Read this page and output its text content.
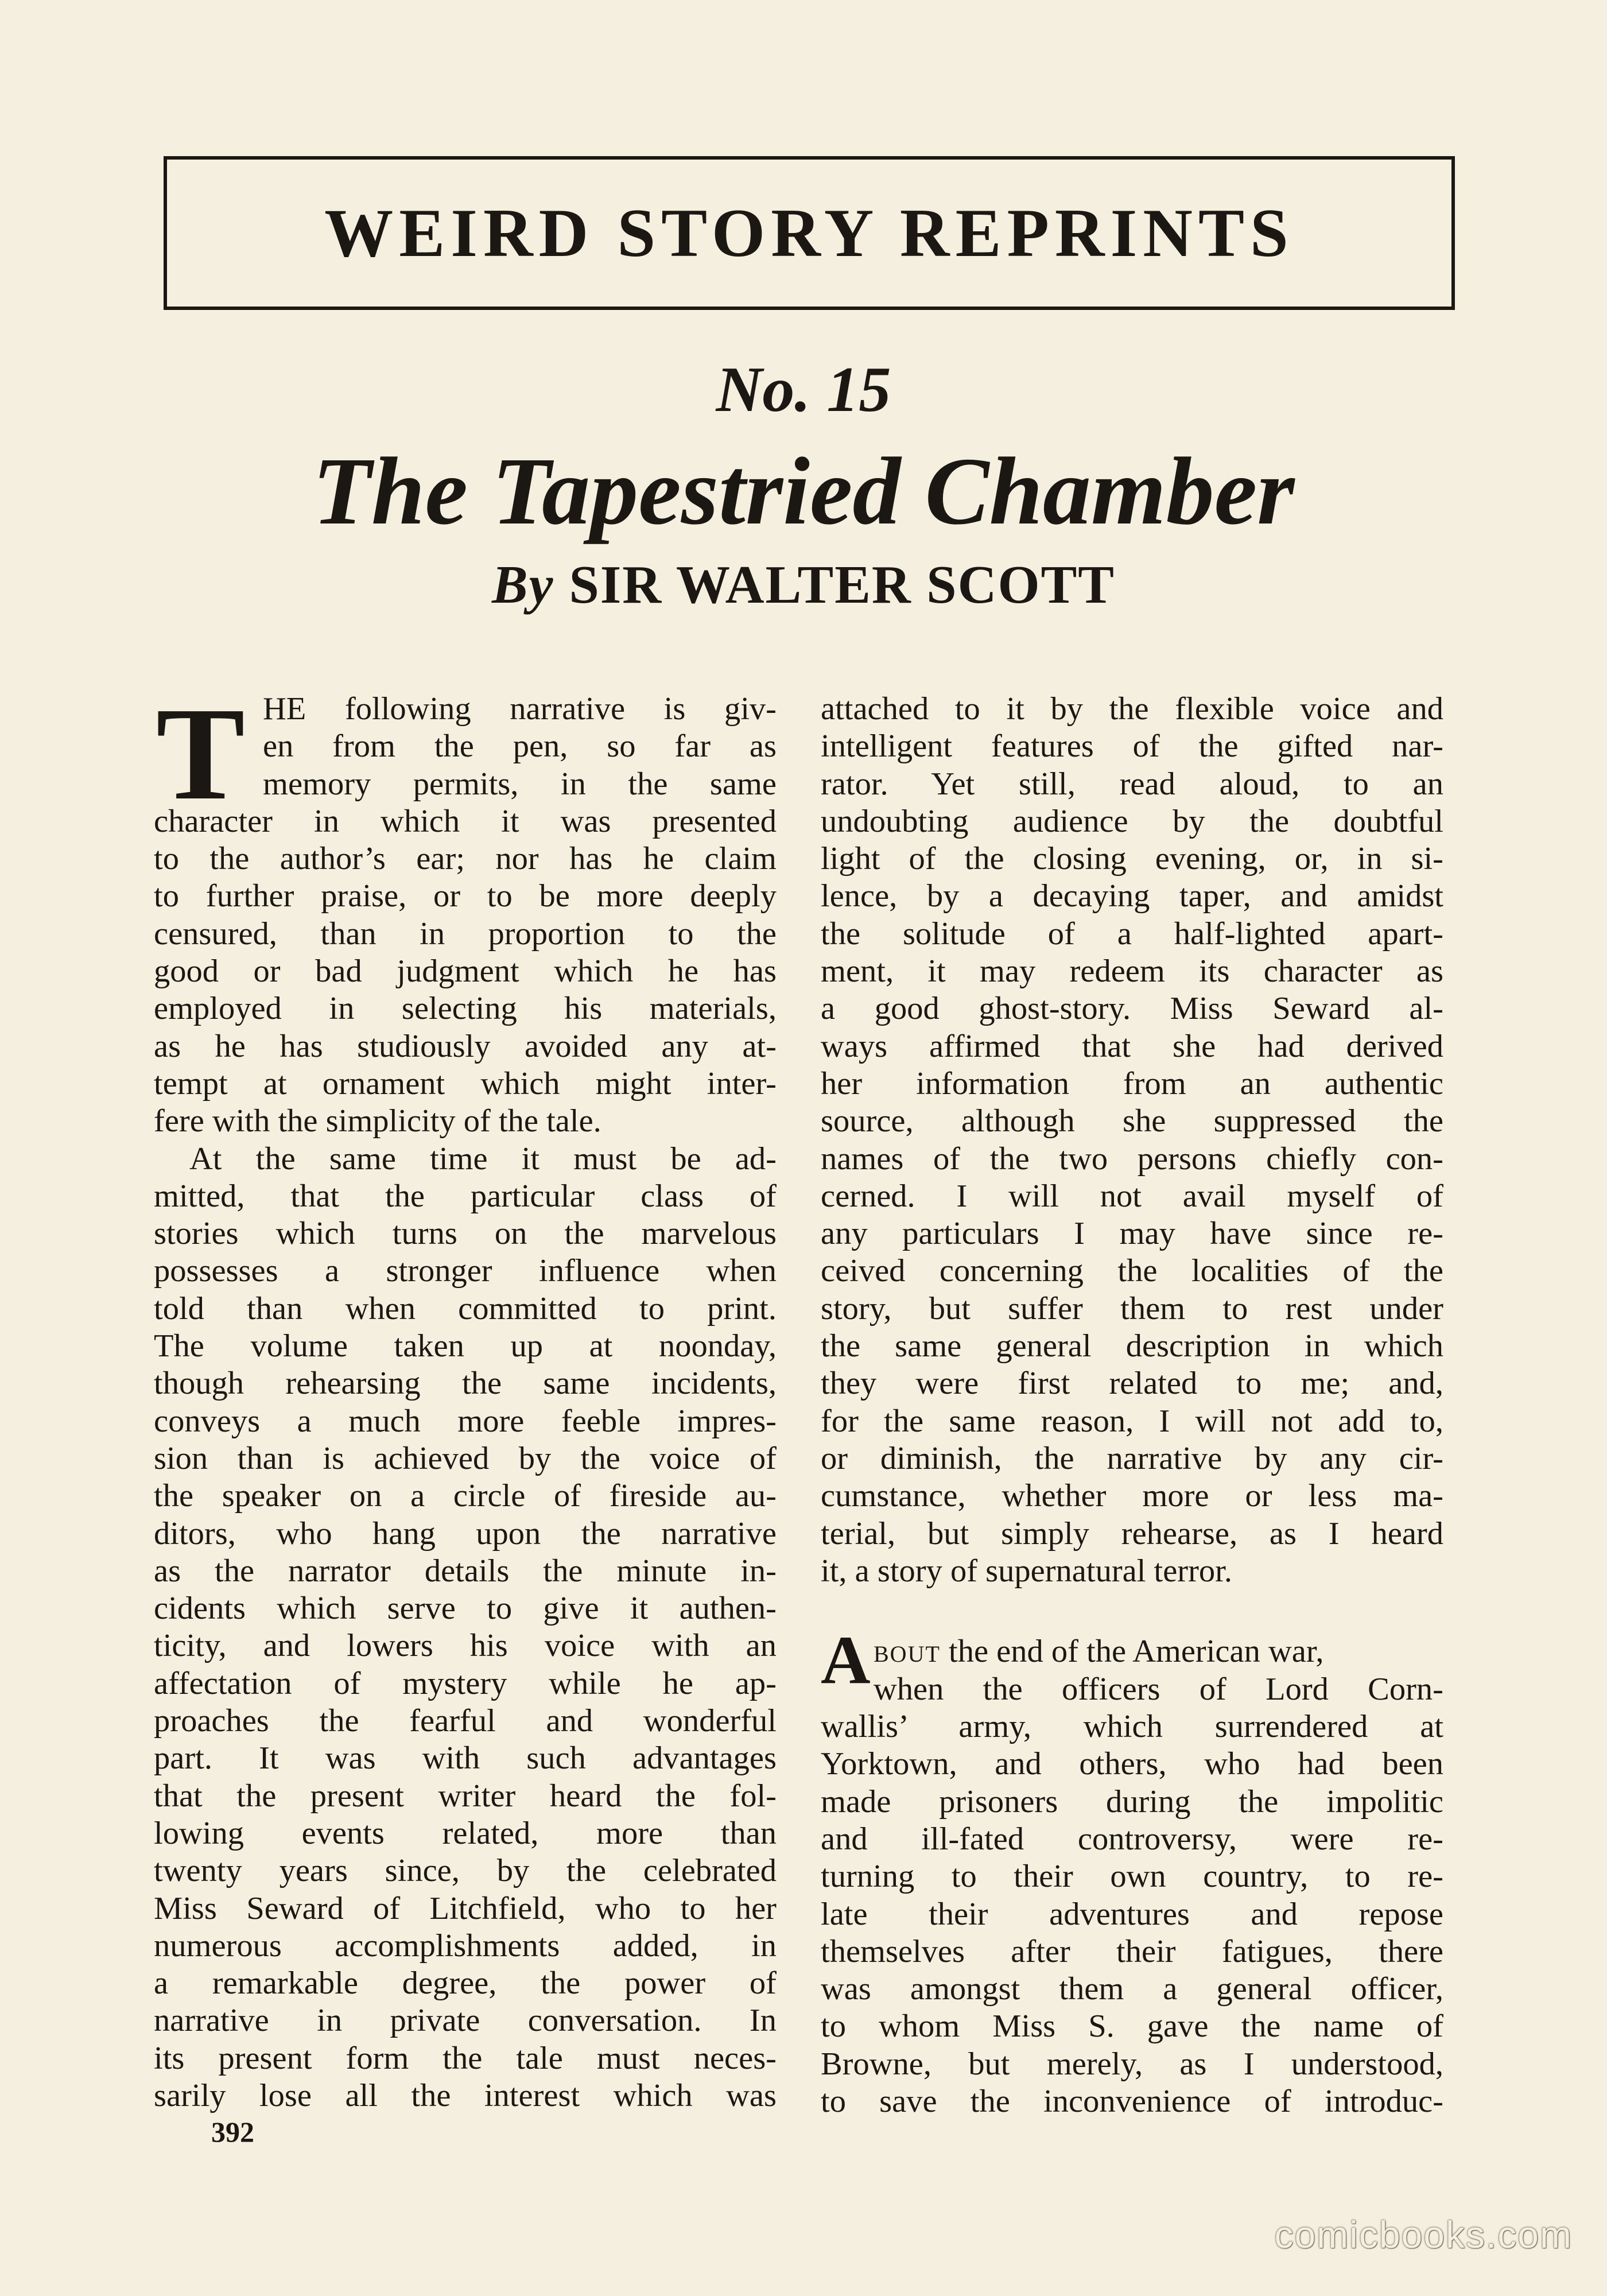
WEIRD STORY REPRINTS
No. 15
The Tapestried Chamber
By SIR WALTER SCOTT
T HE following narrative is giv-
en from the pen, so far as
memory permits, in the same
character in which it was presented
to the author’s ear; nor has he claim
to further praise, or to be more deeply
censured, than in proportion to the
good or bad judgment which he has
employed in selecting his materials,
as he has studiously avoided any at-
tempt at ornament which might inter-
fere with the simplicity of the tale.
At the same time it must be ad-
mitted, that the particular class of
stories which turns on the marvelous
possesses a stronger influence when
told than when committed to print.
The volume taken up at noonday,
though rehearsing the same incidents,
conveys a much more feeble impres-
sion than is achieved by the voice of
the speaker on a circle of fireside au-
ditors, who hang upon the narrative
as the narrator details the minute in-
cidents which serve to give it authen-
ticity, and lowers his voice with an
affectation of mystery while he ap-
proaches the fearful and wonderful
part. It was with such advantages
that the present writer heard the fol-
lowing events related, more than
twenty years since, by the celebrated
Miss Seward of Litchfield, who to her
numerous accomplishments added, in
a remarkable degree, the power of
narrative in private conversation. In
its present form the tale must neces-
sarily lose all the interest which was
attached to it by the flexible voice and
intelligent features of the gifted nar-
rator. Yet still, read aloud, to an
undoubting audience by the doubtful
light of the closing evening, or, in si-
lence, by a decaying taper, and amidst
the solitude of a half-lighted apart-
ment, it may redeem its character as
a good ghost-story. Miss Seward al-
ways affirmed that she had derived
her information from an authentic
source, although she suppressed the
names of the two persons chiefly con-
cerned. I will not avail myself of
any particulars I may have since re-
ceived concerning the localities of the
story, but suffer them to rest under
the same general description in which
they were first related to me; and,
for the same reason, I will not add to,
or diminish, the narrative by any cir-
cumstance, whether more or less ma-
terial, but simply rehearse, as I heard
it, a story of supernatural terror.

bout the end of the American war,
when the officers of Lord Corn-
wallis’ army, which surrendered at
Yorktown, and others, who had been
made prisoners during the impolitic
and ill-fated controversy, were re-
turning to their own country, to re-
late their adventures and repose
themselves after their fatigues, there
was amongst them a general officer,
to whom Miss S. gave the name of
Browne, but merely, as I understood,
to save the inconvenience of introduc-
A
392
comicbooks.com
